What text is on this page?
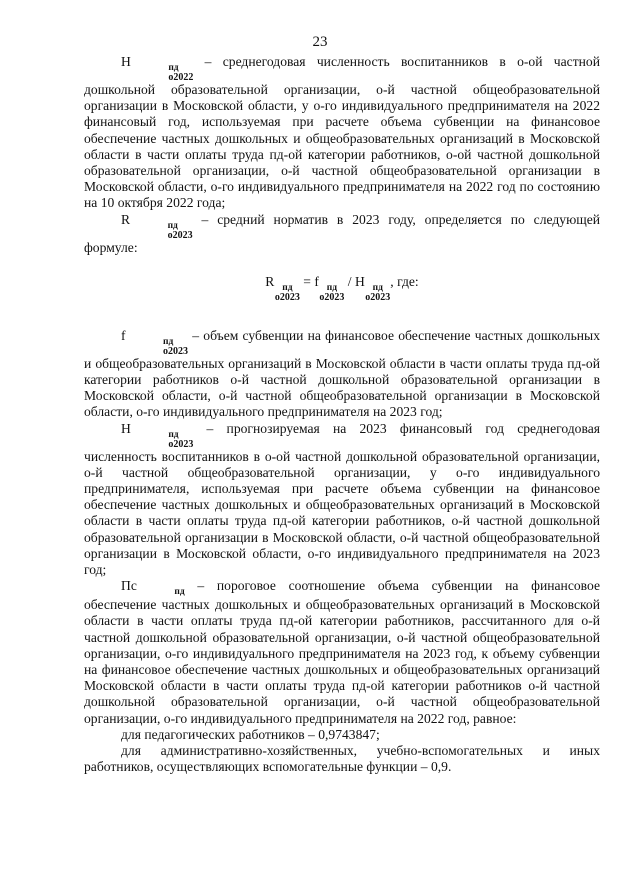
23

Н	пд
о2022
– среднегодовая численность воспитанников в о-ой частной дошкольной образовательной организации, о-й частной общеобразовательной организации в Московской области, у о-го индивидуального предпринимателя на 2022 финансовый год, используемая при расчете объема субвенции на финансовое обеспечение частных дошкольных и общеобразовательных организаций в Московской области в части оплаты труда пд-ой категории работников, о-ой частной дошкольной образовательной организации, о-й частной общеобразовательной организации в Московской области, о-го индивидуального предпринимателя на 2022 год по состоянию на 10 октября 2022 года;

R	пд
о2023
– средний норматив в 2023 году, определяется по следующей формуле:

R пд
о2023
= f пд
о2023
/ Н пд
о2023
, где:

f	пд
о2023
– объем субвенции на финансовое обеспечение частных дошкольных и общеобразовательных организаций в Московской области в части оплаты труда пд-ой категории работников о-й частной дошкольной образовательной организации в Московской области, о-й частной общеобразовательной организации в Московской области, о-го индивидуального предпринимателя на 2023 год;

Н	пд
о2023
– прогнозируемая на 2023 финансовый год среднегодовая численность воспитанников в о-ой частной дошкольной образовательной организации, о-й частной общеобразовательной организации, у о-го индивидуального предпринимателя, используемая при расчете объема субвенции на финансовое обеспечение частных дошкольных и общеобразовательных организаций в Московской области в части оплаты труда пд-ой категории работников, о-й частной дошкольной образовательной организации в Московской области, о-й частной общеобразовательной организации в Московской области, о-го индивидуального предпринимателя на 2023 год;

Пс	пд – пороговое соотношение объема субвенции на финансовое обеспечение частных дошкольных и общеобразовательных организаций в Московской области в части оплаты труда пд-ой категории работников, рассчитанного для о-й частной дошкольной образовательной организации, о-й частной общеобразовательной организации, о-го индивидуального предпринимателя на 2023 год, к объему субвенции на финансовое обеспечение частных дошкольных и общеобразовательных организаций Московской области в части оплаты труда пд-ой категории работников о-й частной дошкольной образовательной организации, о-й частной общеобразовательной организации, о-го индивидуального предпринимателя на 2022 год, равное:

для педагогических работников – 0,9743847;

для административно-хозяйственных, учебно-вспомогательных и иных работников, осуществляющих вспомогательные функции – 0,9.
